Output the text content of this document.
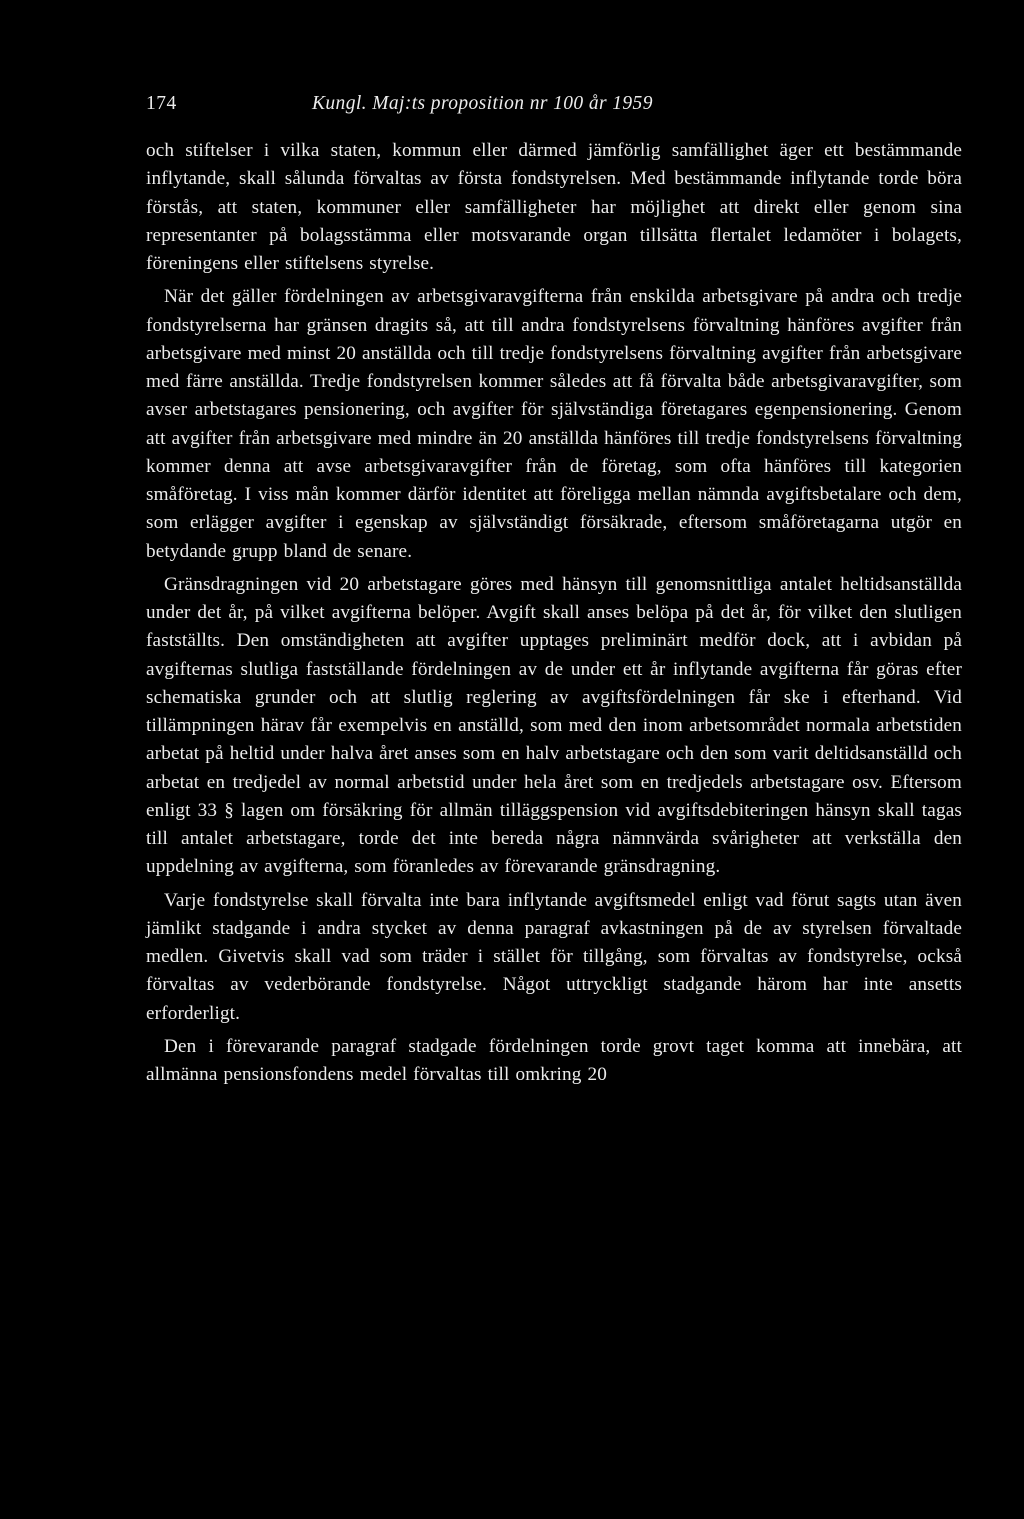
174	Kungl. Maj:ts proposition nr 100 år 1959

och stiftelser i vilka staten, kommun eller därmed jämförlig samfällighet äger ett bestämmande inflytande, skall sålunda förvaltas av första fondstyrelsen. Med bestämmande inflytande torde böra förstås, att staten, kommuner eller samfälligheter har möjlighet att direkt eller genom sina representanter på bolagsstämma eller motsvarande organ tillsätta flertalet ledamöter i bolagets, föreningens eller stiftelsens styrelse.

När det gäller fördelningen av arbetsgivaravgifterna från enskilda arbetsgivare på andra och tredje fondstyrelserna har gränsen dragits så, att till andra fondstyrelsens förvaltning hänföres avgifter från arbetsgivare med minst 20 anställda och till tredje fondstyrelsens förvaltning avgifter från arbetsgivare med färre anställda. Tredje fondstyrelsen kommer således att få förvalta både arbetsgivaravgifter, som avser arbetstagares pensionering, och avgifter för självständiga företagares egenpensionering. Genom att avgifter från arbetsgivare med mindre än 20 anställda hänföres till tredje fondstyrelsens förvaltning kommer denna att avse arbetsgivaravgifter från de företag, som ofta hänföres till kategorien småföretag. I viss mån kommer därför identitet att föreligga mellan nämnda avgiftsbetalare och dem, som erlägger avgifter i egenskap av självständigt försäkrade, eftersom småföretagarna utgör en betydande grupp bland de senare.

Gränsdragningen vid 20 arbetstagare göres med hänsyn till genomsnittliga antalet heltidsanställda under det år, på vilket avgifterna belöper. Avgift skall anses belöpa på det år, för vilket den slutligen fastställts. Den omständigheten att avgifter upptages preliminärt medför dock, att i avbidan på avgifternas slutliga fastställande fördelningen av de under ett år inflytande avgifterna får göras efter schematiska grunder och att slutlig reglering av avgiftsfördelningen får ske i efterhand. Vid tillämpningen härav får exempelvis en anställd, som med den inom arbetsområdet normala arbetstiden arbetat på heltid under halva året anses som en halv arbetstagare och den som varit deltidsanställd och arbetat en tredjedel av normal arbetstid under hela året som en tredjedels arbetstagare osv. Eftersom enligt 33 § lagen om försäkring för allmän tilläggspension vid avgiftsdebiteringen hänsyn skall tagas till antalet arbetstagare, torde det inte bereda några nämnvärda svårigheter att verkställa den uppdelning av avgifterna, som föranledes av förevarande gränsdragning.

Varje fondstyrelse skall förvalta inte bara inflytande avgiftsmedel enligt vad förut sagts utan även jämlikt stadgande i andra stycket av denna paragraf avkastningen på de av styrelsen förvaltade medlen. Givetvis skall vad som träder i stället för tillgång, som förvaltas av fondstyrelse, också förvaltas av vederbörande fondstyrelse. Något uttryckligt stadgande härom har inte ansetts erforderligt.

Den i förevarande paragraf stadgade fördelningen torde grovt taget komma att innebära, att allmänna pensionsfondens medel förvaltas till omkring 20
